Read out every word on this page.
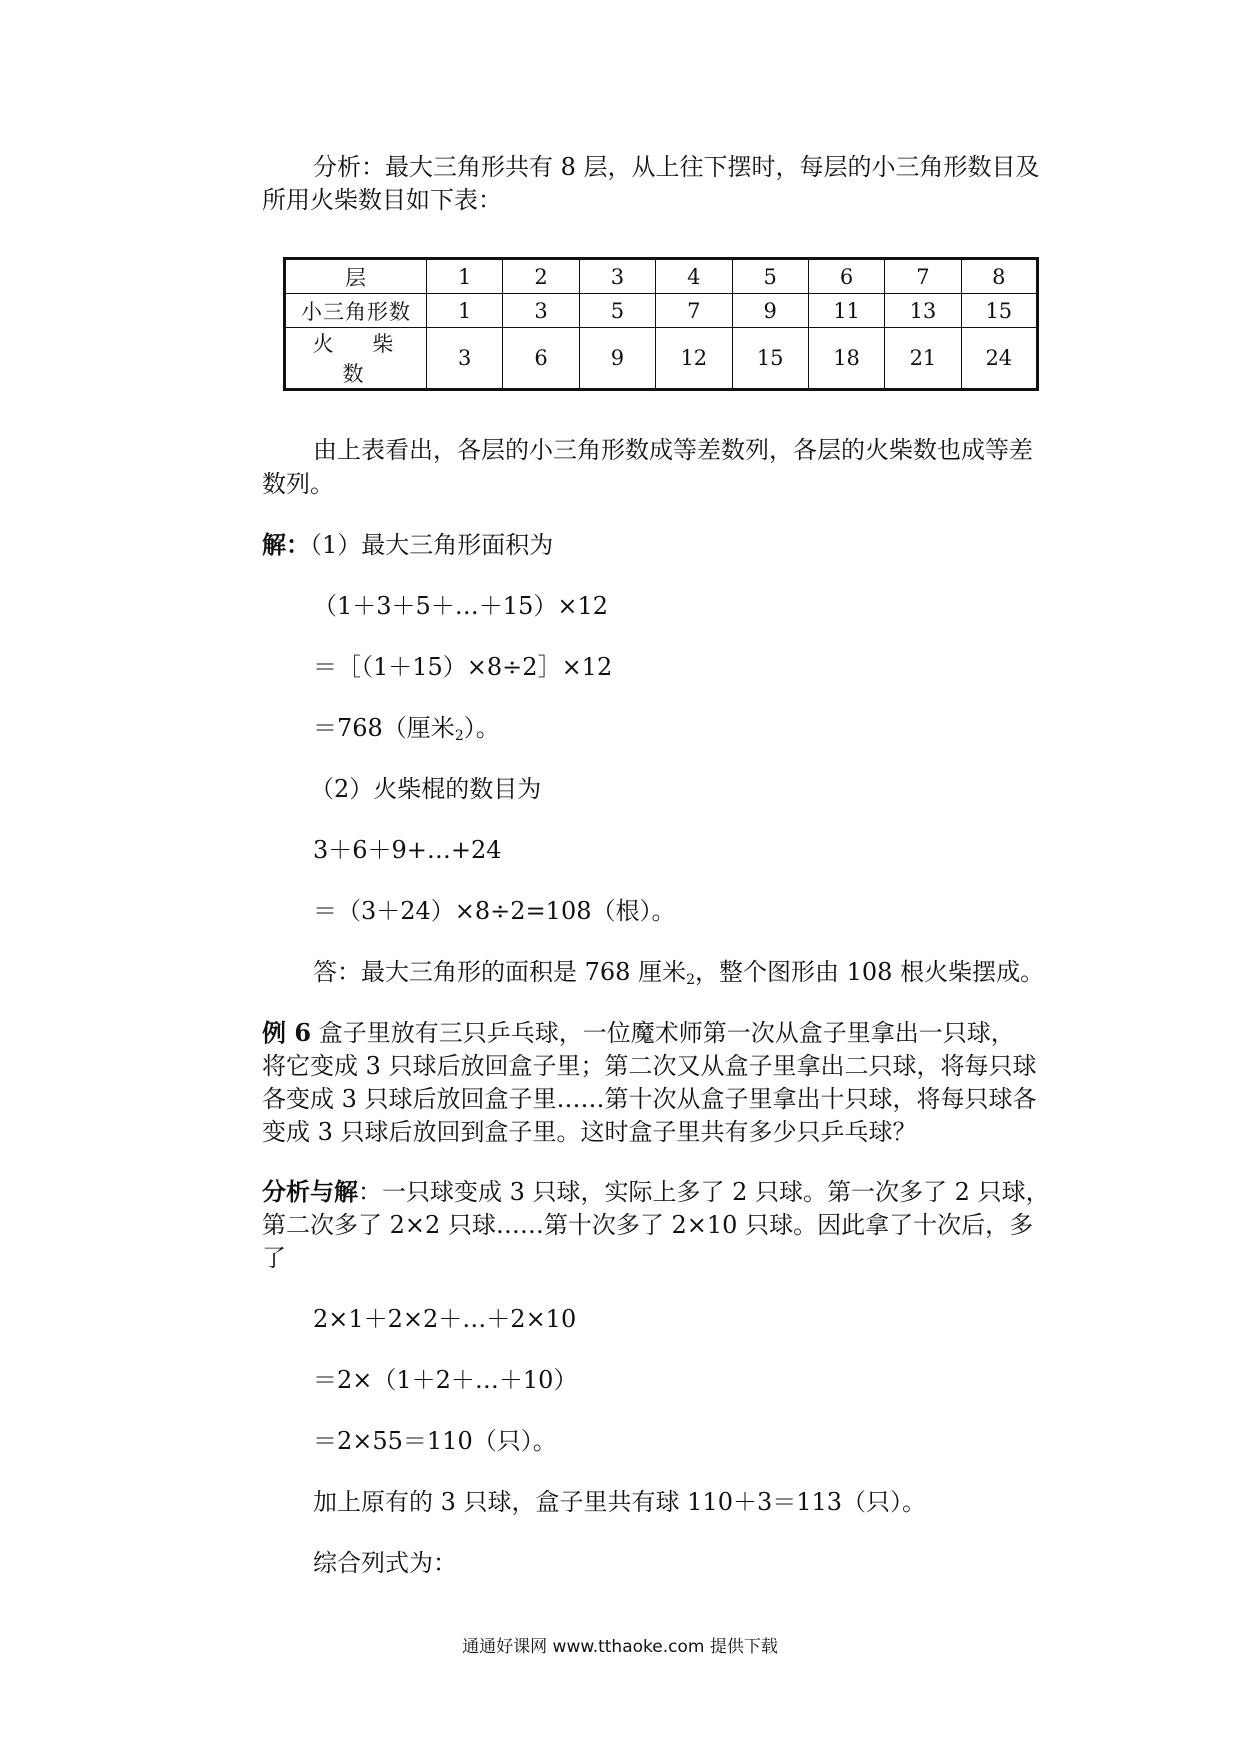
分析：最大三角形共有 8 层，从上往下摆时，每层的小三角形数目及
所用火柴数目如下表：
层	1	2	3	4	5	6	7	8
小三角形数	1	3	5	7	9	11	13	15
火 柴 数	3	6	9	12	15	18	21	24
由上表看出，各层的小三角形数成等差数列，各层的火柴数也成等差
数列。
解：（1）最大三角形面积为
（1＋3＋5＋…＋15）×12
＝［（1＋15）×8÷2］×12
＝768（厘米$_2$）。
（2）火柴棍的数目为
3＋6＋9+…+24
＝（3＋24）×8÷2=108（根）。
答：最大三角形的面积是 768 厘米$_2$，整个图形由 108 根火柴摆成。
例 6 盒子里放有三只乒乓球，一位魔术师第一次从盒子里拿出一只球，
将它变成 3 只球后放回盒子里；第二次又从盒子里拿出二只球，将每只球
各变成 3 只球后放回盒子里……第十次从盒子里拿出十只球，将每只球各
变成 3 只球后放回到盒子里。这时盒子里共有多少只乒乓球？
分析与解：一只球变成 3 只球，实际上多了 2 只球。第一次多了 2 只球，
第二次多了 2×2 只球……第十次多了 2×10 只球。因此拿了十次后，多
了
2×1＋2×2＋…＋2×10
＝2×（1＋2＋…＋10）
＝2×55＝110（只）。
加上原有的 3 只球，盒子里共有球 110＋3＝113（只）。
综合列式为：
通通好课网 www.tthaoke.com 提供下载
